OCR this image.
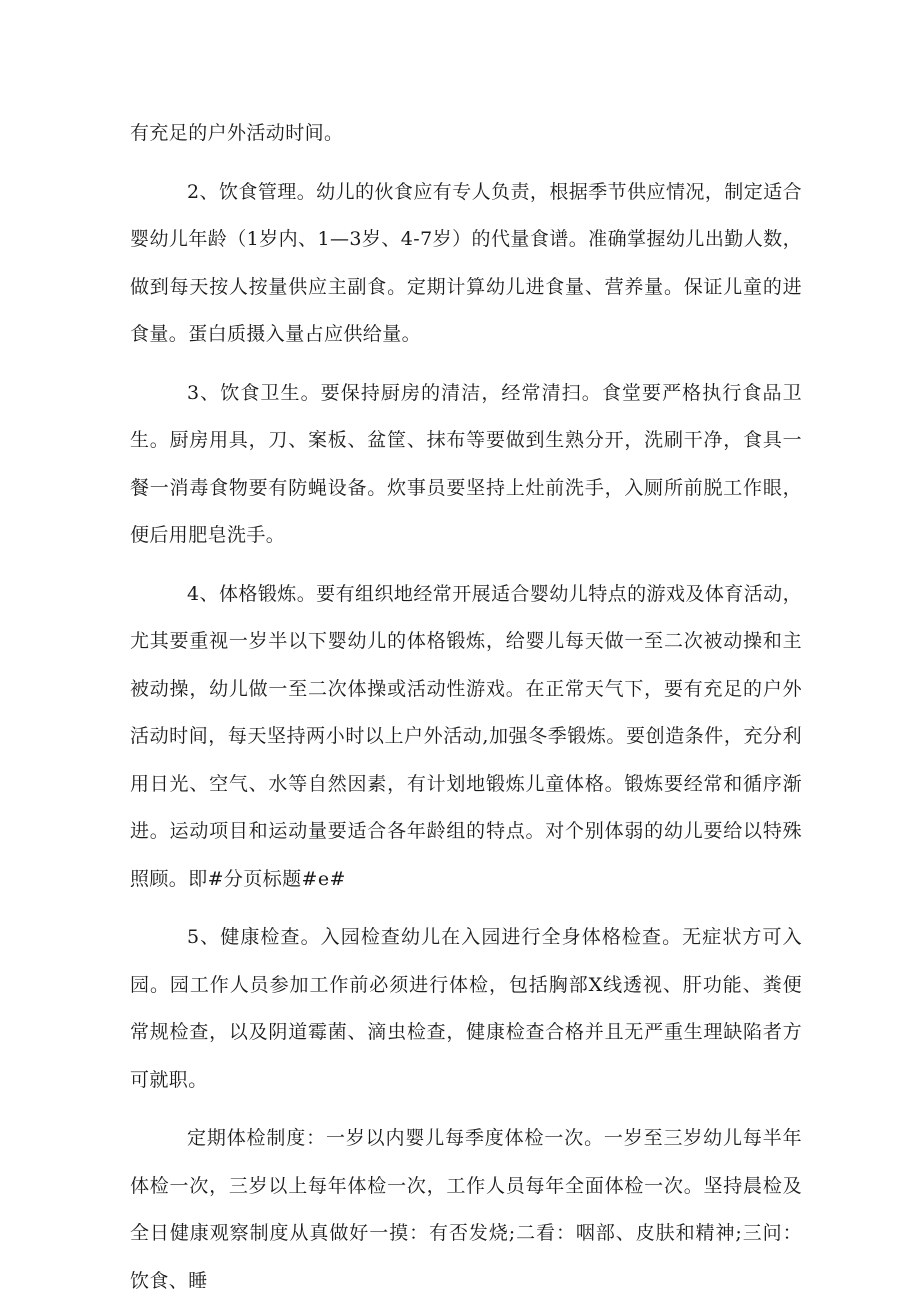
有充足的户外活动时间。

2、饮食管理。幼儿的伙食应有专人负责，根据季节供应情况，制定适合婴幼儿年龄（1岁内、1—3岁、4-7岁）的代量食谱。准确掌握幼儿出勤人数，做到每天按人按量供应主副食。定期计算幼儿进食量、营养量。保证儿童的进食量。蛋白质摄入量占应供给量。

3、饮食卫生。要保持厨房的清洁，经常清扫。食堂要严格执行食品卫生。厨房用具，刀、案板、盆筐、抹布等要做到生熟分开，洗刷干净，食具一餐一消毒食物要有防蝇设备。炊事员要坚持上灶前洗手，入厕所前脱工作眼，便后用肥皂洗手。

4、体格锻炼。要有组织地经常开展适合婴幼儿特点的游戏及体育活动，尤其要重视一岁半以下婴幼儿的体格锻炼，给婴儿每天做一至二次被动操和主被动操，幼儿做一至二次体操或活动性游戏。在正常天气下，要有充足的户外活动时间，每天坚持两小时以上户外活动,加强冬季锻炼。要创造条件，充分利用日光、空气、水等自然因素，有计划地锻炼儿童体格。锻炼要经常和循序渐进。运动项目和运动量要适合各年龄组的特点。对个别体弱的幼儿要给以特殊照顾。即#分页标题#e#

5、健康检查。入园检查幼儿在入园进行全身体格检查。无症状方可入园。园工作人员参加工作前必须进行体检，包括胸部X线透视、肝功能、粪便常规检查，以及阴道霉菌、滴虫检查，健康检查合格并且无严重生理缺陷者方可就职。

定期体检制度：一岁以内婴儿每季度体检一次。一岁至三岁幼儿每半年体检一次，三岁以上每年体检一次，工作人员每年全面体检一次。坚持晨检及全日健康观察制度从真做好一摸：有否发烧;二看：咽部、皮肤和精神;三问：饮食、睡
